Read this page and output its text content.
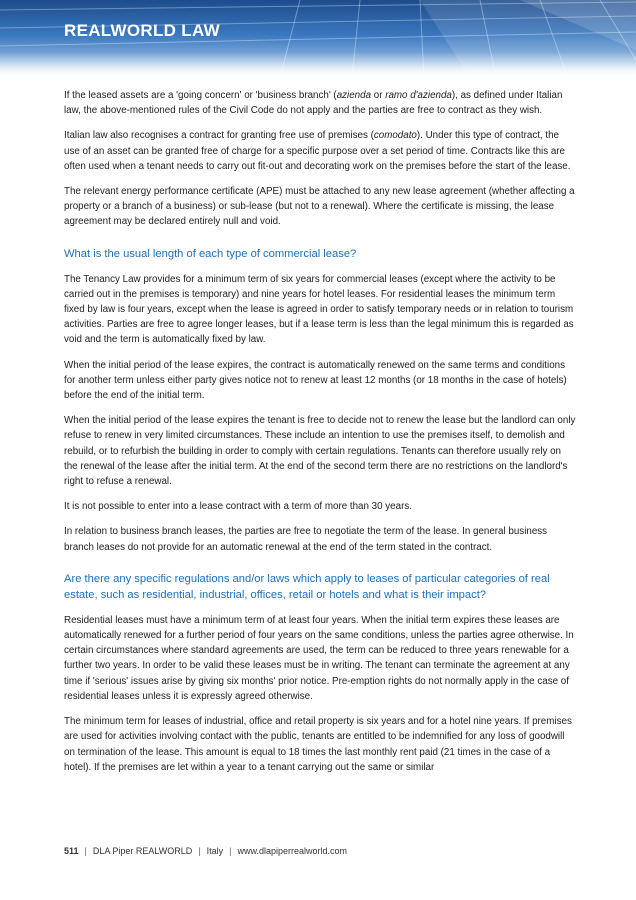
REALWORLD LAW

If the leased assets are a 'going concern' or 'business branch' (azienda or ramo d'azienda), as defined under Italian law, the above-mentioned rules of the Civil Code do not apply and the parties are free to contract as they wish.

Italian law also recognises a contract for granting free use of premises (comodato). Under this type of contract, the use of an asset can be granted free of charge for a specific purpose over a set period of time. Contracts like this are often used when a tenant needs to carry out fit-out and decorating work on the premises before the start of the lease.

The relevant energy performance certificate (APE) must be attached to any new lease agreement (whether affecting a property or a branch of a business) or sub-lease (but not to a renewal). Where the certificate is missing, the lease agreement may be declared entirely null and void.

What is the usual length of each type of commercial lease?

The Tenancy Law provides for a minimum term of six years for commercial leases (except where the activity to be carried out in the premises is temporary) and nine years for hotel leases. For residential leases the minimum term fixed by law is four years, except when the lease is agreed in order to satisfy temporary needs or in relation to tourism activities. Parties are free to agree longer leases, but if a lease term is less than the legal minimum this is regarded as void and the term is automatically fixed by law.

When the initial period of the lease expires, the contract is automatically renewed on the same terms and conditions for another term unless either party gives notice not to renew at least 12 months (or 18 months in the case of hotels) before the end of the initial term.

When the initial period of the lease expires the tenant is free to decide not to renew the lease but the landlord can only refuse to renew in very limited circumstances. These include an intention to use the premises itself, to demolish and rebuild, or to refurbish the building in order to comply with certain regulations. Tenants can therefore usually rely on the renewal of the lease after the initial term. At the end of the second term there are no restrictions on the landlord's right to refuse a renewal.

It is not possible to enter into a lease contract with a term of more than 30 years.

In relation to business branch leases, the parties are free to negotiate the term of the lease. In general business branch leases do not provide for an automatic renewal at the end of the term stated in the contract.

Are there any specific regulations and/or laws which apply to leases of particular categories of real estate, such as residential, industrial, offices, retail or hotels and what is their impact?

Residential leases must have a minimum term of at least four years. When the initial term expires these leases are automatically renewed for a further period of four years on the same conditions, unless the parties agree otherwise. In certain circumstances where standard agreements are used, the term can be reduced to three years renewable for a further two years. In order to be valid these leases must be in writing. The tenant can terminate the agreement at any time if 'serious' issues arise by giving six months' prior notice. Pre-emption rights do not normally apply in the case of residential leases unless it is expressly agreed otherwise.

The minimum term for leases of industrial, office and retail property is six years and for a hotel nine years. If premises are used for activities involving contact with the public, tenants are entitled to be indemnified for any loss of goodwill on termination of the lease. This amount is equal to 18 times the last monthly rent paid (21 times in the case of a hotel). If the premises are let within a year to a tenant carrying out the same or similar

511 | DLA Piper REALWORLD | Italy | www.dlapiperrealworld.com
